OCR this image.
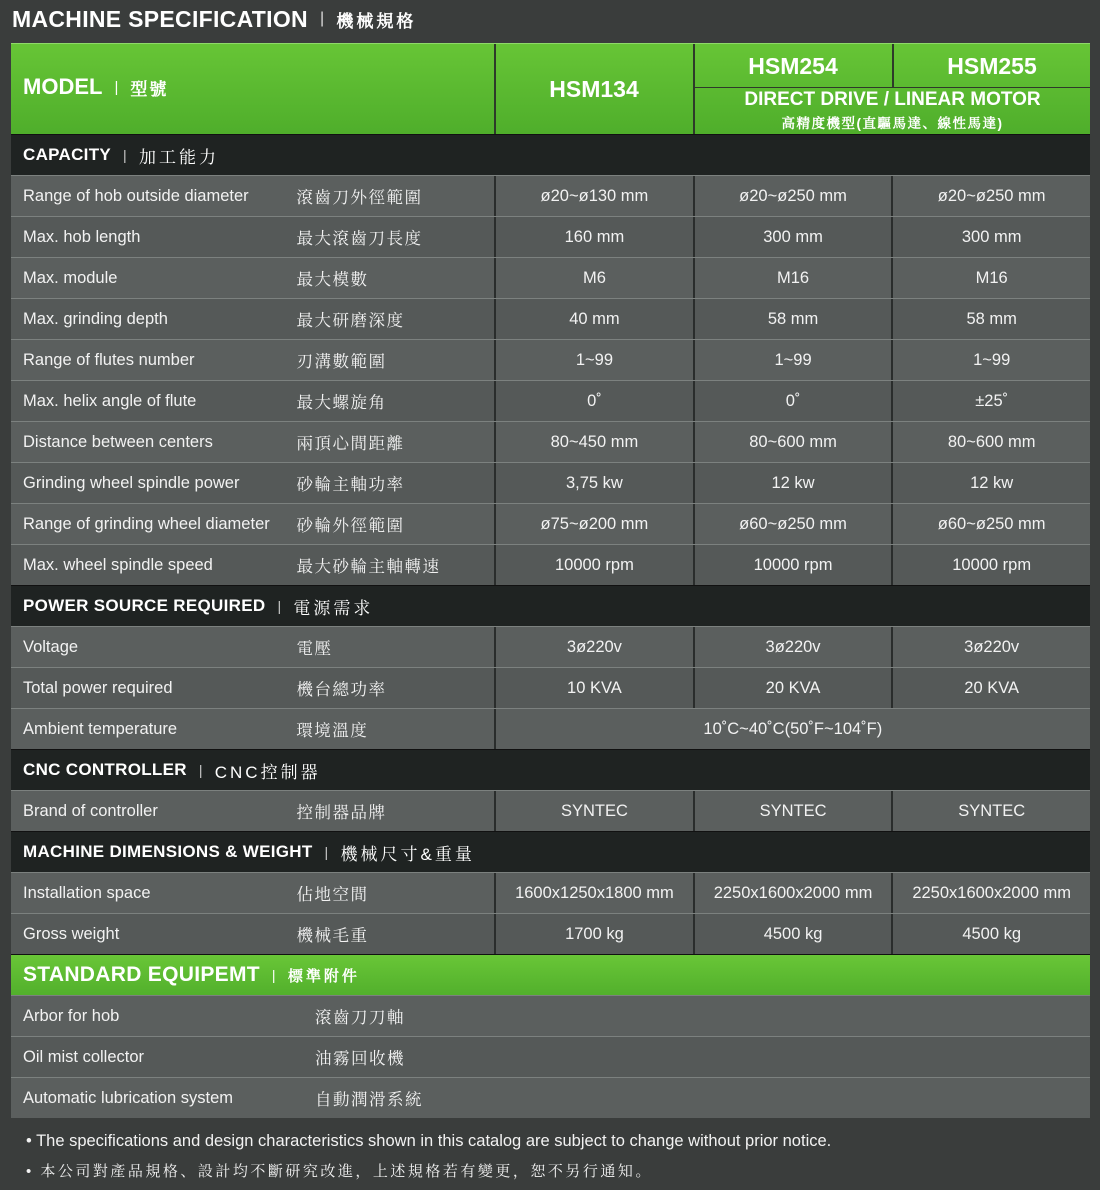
MACHINE SPECIFICATION | 機械規格
MODEL | 型號	HSM134
HSM254	HSM255
DIRECT DRIVE / LINEAR MOTOR
高精度機型(直驅馬達、線性馬達)
CAPACITY | 加工能力
Range of hob outside diameter	滾齒刀外徑範圍	ø20~ø130 mm	ø20~ø250 mm	ø20~ø250 mm
Max. hob length	最大滾齒刀長度	160 mm	300 mm	300 mm
Max. module	最大模數	M6	M16	M16
Max. grinding depth	最大研磨深度	40 mm	58 mm	58 mm
Range of flutes number	刃溝數範圍	1~99	1~99	1~99
Max. helix angle of flute	最大螺旋角	0˚	0˚	±25˚
Distance between centers	兩頂心間距離	80~450 mm	80~600 mm	80~600 mm
Grinding wheel spindle power	砂輪主軸功率	3,75 kw	12 kw	12 kw
Range of grinding wheel diameter	砂輪外徑範圍	ø75~ø200 mm	ø60~ø250 mm	ø60~ø250 mm
Max. wheel spindle speed	最大砂輪主軸轉速	10000 rpm	10000 rpm	10000 rpm
POWER SOURCE REQUIRED | 電源需求
Voltage	電壓	3ø220v	3ø220v	3ø220v
Total power required	機台總功率	10 KVA	20 KVA	20 KVA
Ambient temperature	環境溫度	10˚C~40˚C(50˚F~104˚F)
CNC CONTROLLER | CNC控制器
Brand of controller	控制器品牌	SYNTEC	SYNTEC	SYNTEC
MACHINE DIMENSIONS & WEIGHT | 機械尺寸&重量
Installation space	佔地空間	1600x1250x1800 mm	2250x1600x2000 mm	2250x1600x2000 mm
Gross weight	機械毛重	1700 kg	4500 kg	4500 kg
STANDARD EQUIPEMT | 標準附件
Arbor for hob	滾齒刀刀軸
Oil mist collector	油霧回收機
Automatic lubrication system	自動潤滑系統
• The specifications and design characteristics shown in this catalog are subject to change without prior notice.
• 本公司對產品規格、設計均不斷研究改進，上述規格若有變更，恕不另行通知。
